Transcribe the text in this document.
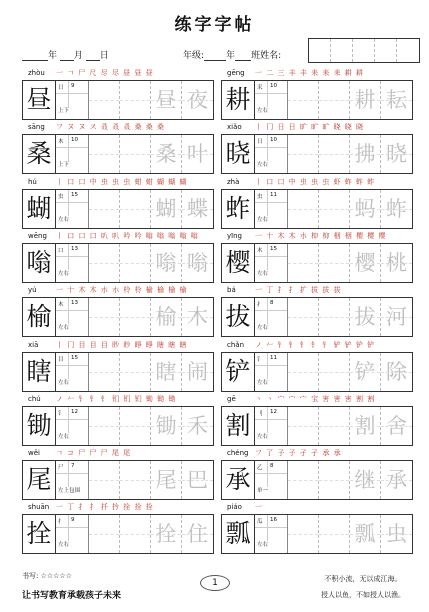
练字字帖
年 月 日	年级: 年 班姓名:
zhòu	一 ㄱ 尸 尺 尽 尽 昼 昼 昼
昼	日 9
上下	昼 夜
gēng	一 二 三 丰 丰 耒 耒 耒 耕 耕
耕	耒 10
左右	耕 耘
sāng	フ ヌ ヌ ス 叒 叒 叒 桑 桑 桑
桑	木 10
上下	桑 叶
xiǎo	丨 冂 日 日 旷 旷 旷 晓 晓 晓
晓	日 10
左右	拂 晓
hú	丨 口 口 中 虫 虫 虫 蚶 蚶 蝴 蝴 蝴
蝴	虫 15
左右	蝴 蝶
zhà	丨 口 口 中 虫 虫 虫 虾 蚱 蚱 蚱
蚱	虫 11
左右	蚂 蚱
wēng	丨 口 口 口 叭 叭 吟 吟 嗡 嗡 嗡 嗡 嗡
嗡	口 13
左右	嗡 嗡
yīng	一 十 木 木 朩 枊 枊 栶 栶 樱 樱 樱
樱	木 15
左右	樱 桃
yú	一 十 木 木 朩 朩 柃 柃 榆 榆 榆 榆
榆	木 13
左右	榆 木
bá	一 丁 扌 扌 扩 拔 拔 拔
拔	扌 8
左右	拔 河
xiā	丨 冂 目 目 目 眇 眇 睜 睜 瞎 瞎 瞎
瞎	目 15
左右	瞎 闹
chǎn	ノ 𠂉 钅 钅 钅 钅 钅 铲 铲 铲 铲
铲	钅 11
左右	铲 除
chú	ノ 𠂉 钅 钅 钅 钔 钔 钔 锄 锄 锄
锄	钅 12
左右	锄 禾
gē	丶 丶 宀 宀 宀 宝 害 害 害 割 割
割	刂 12
左右	割 舍
wěi	ㄱ コ 尸 尸 尸 尾 尾
尾	尸 7
左上包围	尾 巴
chéng フ 了 子 子 孑 孑 承 承
承	乙 8
单一	继 承
shuān 一 丁 扌 扌 扦 扲 拴 拴 拴
拴	扌 9
左右	拴 住
piáo	一
瓢	瓜 16
左右	瓢 虫
书写: ☆☆☆☆☆
让书写教育承载孩子未来
1	不积小流，无以成江海。
授人以鱼，不如授人以渔。
